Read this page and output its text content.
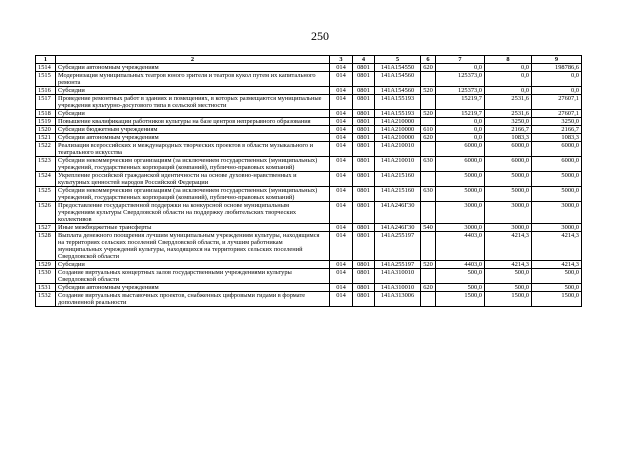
250
1	2	3	4	5	6	7	8	9
1514	Субсидии автономным учреждениям	014	0801	141A154550	620	0,0	0,0	198786,6
1515	Модернизация муниципальных театров юного зрителя и театров кукол путем их капитального ремонта	014	0801	141A154560		125373,0	0,0	0,0
1516	Субсидии	014	0801	141A154560	520	125373,0	0,0	0,0
1517	Проведение ремонтных работ в зданиях и помещениях, в которых размещаются муниципальные учреждения культурно-досугового типа в сельской местности	014	0801	141A155193		15219,7	2531,6	27607,1
1518	Субсидии	014	0801	141A155193	520	15219,7	2531,6	27607,1
1519	Повышение квалификации работников культуры на базе центров непрерывного образования	014	0801	141A210000		0,0	3250,0	3250,0
1520	Субсидии бюджетным учреждениям	014	0801	141A210000	610	0,0	2166,7	2166,7
1521	Субсидии автономным учреждениям	014	0801	141A210000	620	0,0	1083,3	1083,3
1522	Реализация всероссийских и международных творческих проектов в области музыкального и театрального искусства	014	0801	141A210010		6000,0	6000,0	6000,0
1523	Субсидии некоммерческим организациям (за исключением государственных (муниципальных) учреждений, государственных корпораций (компаний), публично-правовых компаний)	014	0801	141A210010	630	6000,0	6000,0	6000,0
1524	Укрепление российской гражданской идентичности на основе духовно-нравственных и культурных ценностей народов Российской Федерации	014	0801	141A215160		5000,0	5000,0	5000,0
1525	Субсидии некоммерческим организациям (за исключением государственных (муниципальных) учреждений, государственных корпораций (компаний), публично-правовых компаний)	014	0801	141A215160	630	5000,0	5000,0	5000,0
1526	Предоставление государственной поддержки на конкурсной основе муниципальным учреждениям культуры Свердловской области на поддержку любительских творческих коллективов	014	0801	141A246Г30		3000,0	3000,0	3000,0
1527	Иные межбюджетные трансферты	014	0801	141A246Г30	540	3000,0	3000,0	3000,0
1528	Выплата денежного поощрения лучшим муниципальным учреждениям культуры, находящимся на территориях сельских поселений Свердловской области, и лучшим работникам муниципальных учреждений культуры, находящихся на территориях сельских поселений Свердловской области	014	0801	141A255197		4403,0	4214,3	4214,3
1529	Субсидии	014	0801	141A255197	520	4403,0	4214,3	4214,3
1530	Создание виртуальных концертных залов государственными учреждениями культуры Свердловской области	014	0801	141A310010		500,0	500,0	500,0
1531	Субсидии автономным учреждениям	014	0801	141A310010	620	500,0	500,0	500,0
1532	Создание виртуальных выставочных проектов, снабженных цифровыми гидами в формате дополненной реальности	014	0801	141A313006		1500,0	1500,0	1500,0
